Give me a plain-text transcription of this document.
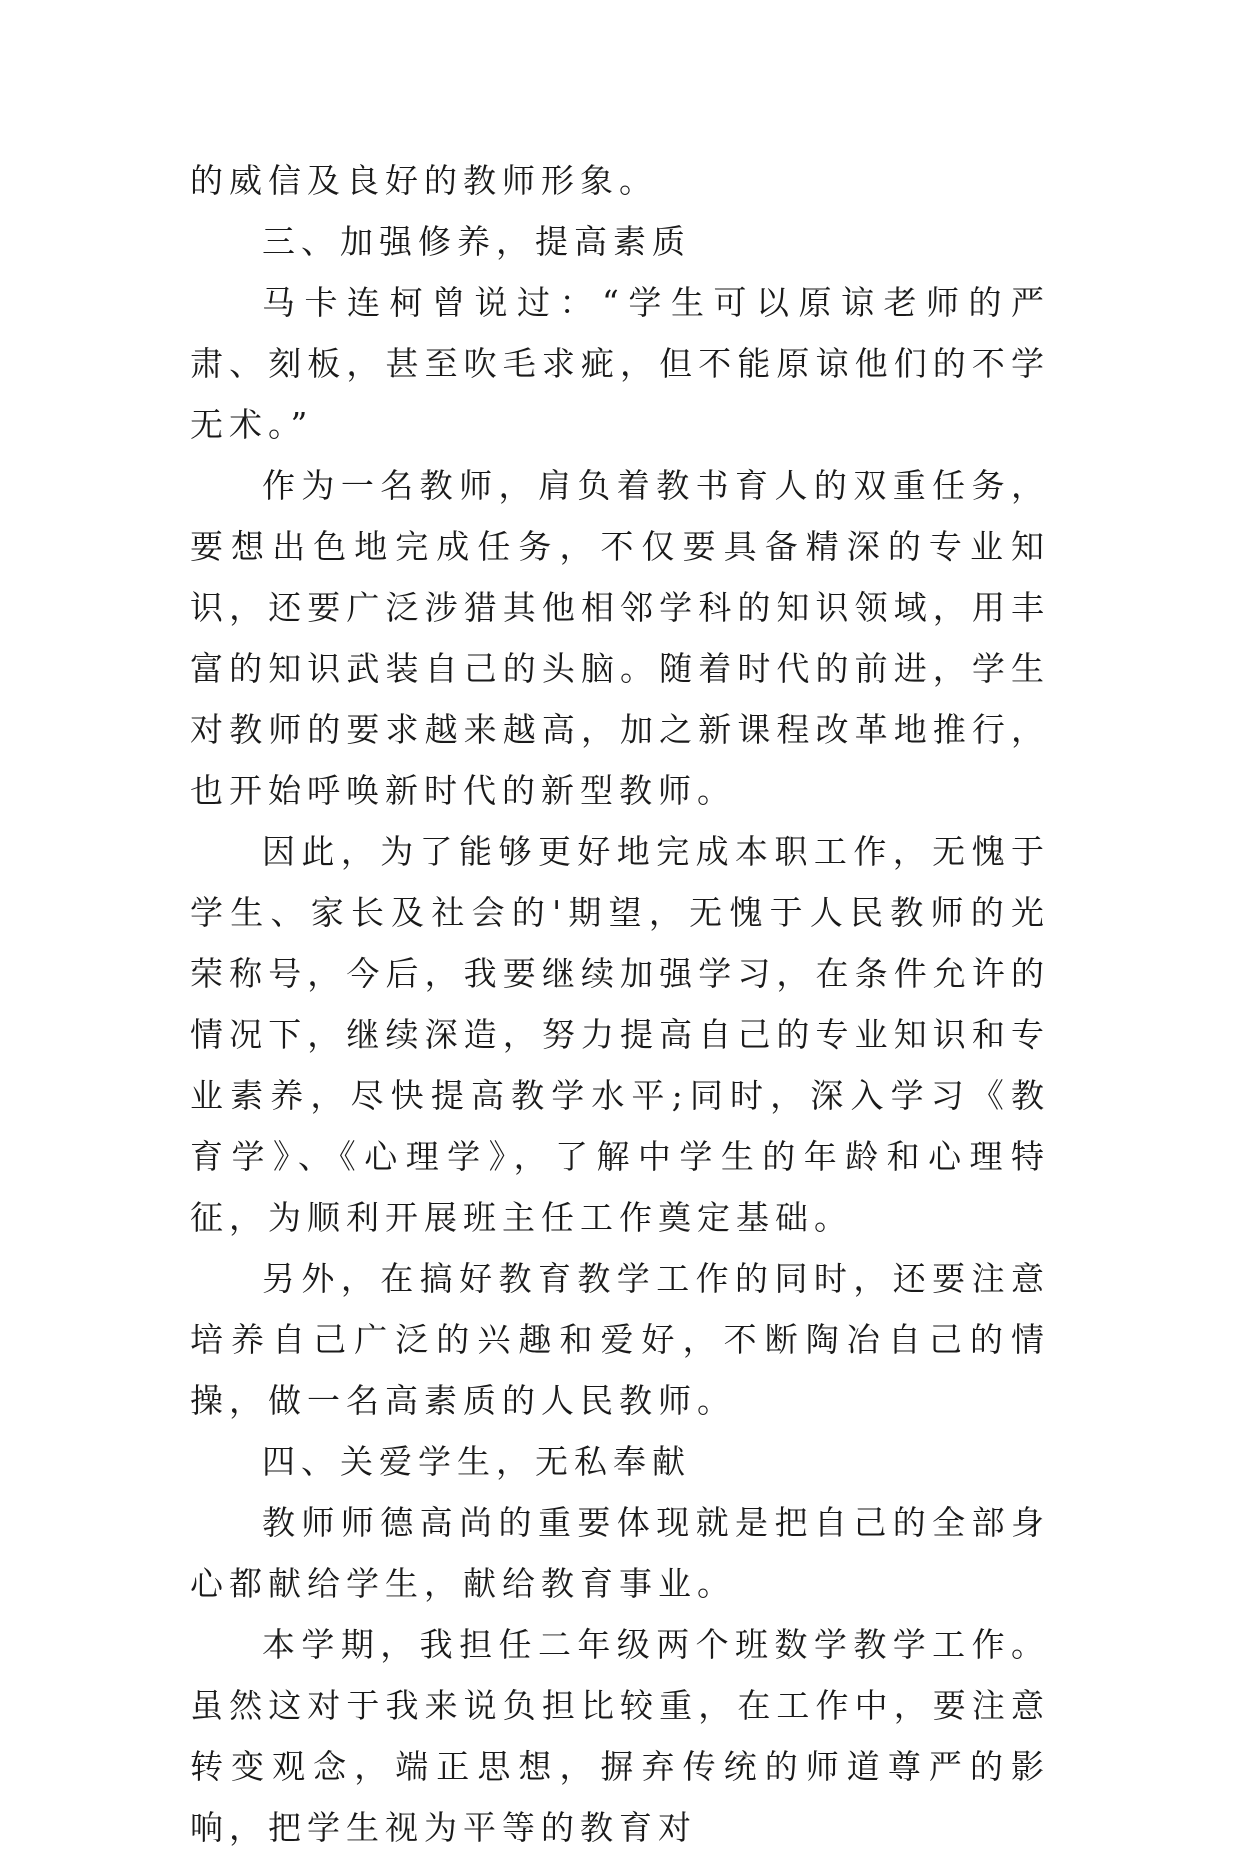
的威信及良好的教师形象。

三、加强修养，提高素质

马卡连柯曾说过：“学生可以原谅老师的严肃、刻板，甚至吹毛求疵，但不能原谅他们的不学无术。”

作为一名教师，肩负着教书育人的双重任务，要想出色地完成任务，不仅要具备精深的专业知识，还要广泛涉猎其他相邻学科的知识领域，用丰富的知识武装自己的头脑。随着时代的前进，学生对教师的要求越来越高，加之新课程改革地推行，也开始呼唤新时代的新型教师。

因此，为了能够更好地完成本职工作，无愧于学生、家长及社会的'期望，无愧于人民教师的光荣称号，今后，我要继续加强学习，在条件允许的情况下，继续深造，努力提高自己的专业知识和专业素养，尽快提高教学水平;同时，深入学习《教育学》、《心理学》，了解中学生的年龄和心理特征，为顺利开展班主任工作奠定基础。

另外，在搞好教育教学工作的同时，还要注意培养自己广泛的兴趣和爱好，不断陶冶自己的情操，做一名高素质的人民教师。

四、关爱学生，无私奉献

教师师德高尚的重要体现就是把自己的全部身心都献给学生，献给教育事业。

本学期，我担任二年级两个班数学教学工作。虽然这对于我来说负担比较重，在工作中，要注意转变观念，端正思想，摒弃传统的师道尊严的影响，把学生视为平等的教育对
